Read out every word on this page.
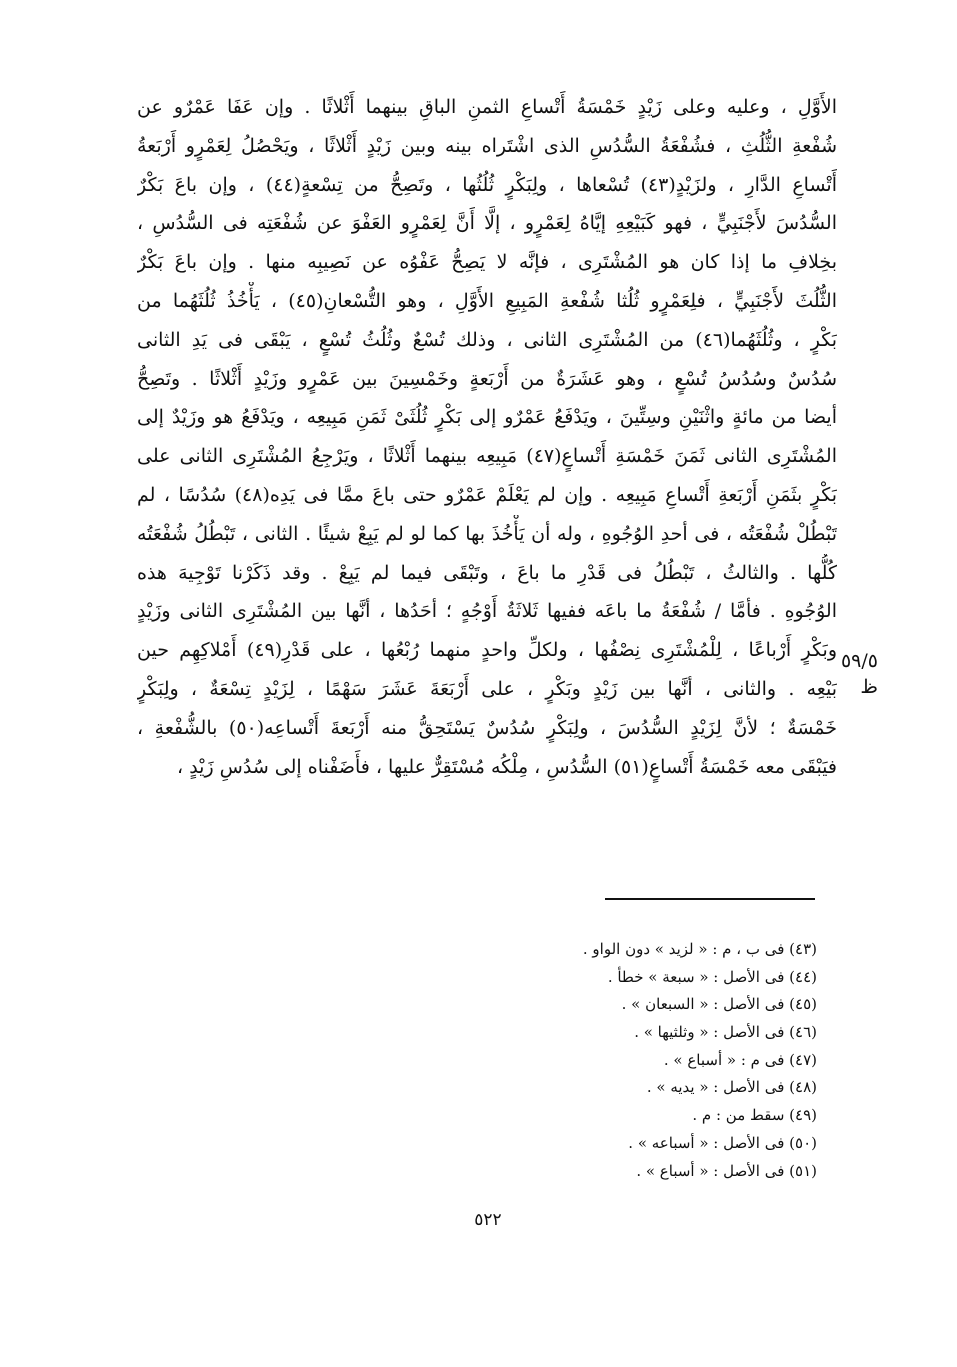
الأَوَّلِ ، وعليه وعلى زَيْدٍ خَمْسَةُ أَتْساعِ الثمنِ الباقِ بينهما أَثْلاثًا . وإن عَفَا عَمْرٌو عن
شُفْعةِ الثُّلُثِ ، فشُفْعَةُ السُّدُسِ الذى اشْتَراه بينه وبين زَيْدٍ أَثْلاثًا ، ويَحْصُلُ لِعَمْرٍو أَرْبَعةُ
أَتْساعِ الدَّارِ ، ولزَيْدٍ(٤٣) تُسْعاها ، ولِبَكْرٍ ثُلُثُها ، وتَصِحُّ من تِسْعةٍ(٤٤) ، وإن باعَ بَكْرٌ
السُّدُسَ لأَجْنَبِيٍّ ، فهو كَبَيْعِهِ إيَّاهُ لِعَمْرٍو ، إلَّا أَنَّ لِعَمْرٍو العَفْوَ عن شُفْعَتِه فى السُّدُسِ ،
بخِلافِ ما إذا كان هو المُشْتَرِى ، فإنَّه لا يَصِحُّ عَفْوُه عن نَصِيبِه منها . وإن باعَ بَكْرٌ
الثُّلُثَ لأَجْنَبِيٍّ ، فلِعَمْرٍو ثُلُثا شُفْعةِ المَبِيعِ الأَوَّلِ ، وهو التُّسْعانِ(٤٥) ، يَأْخُذُ ثُلُثَهُما من
بَكْرٍ ، وثُلُثَهُما(٤٦) من المُشْتَرِى الثانى ، وذلك تُسْعٌ وثُلُثُ تُسْعٍ ، يَبْقَى فى يَدِ الثانى
سُدُسٌ وسُدُسُ تُسْعٍ ، وهو عَشَرَةٌ من أَرْبَعةٍ وخَمْسِينَ بين عَمْرٍو وزَيْدٍ أَثْلاثًا . وتَصِحُّ
أيضا من مائةٍ واثْنَيْنِ وسِتِّينَ ، ويَدْفَعُ عَمْرٌو إلى بَكْرٍ ثُلُثَىْ ثَمَنِ مَبِيعِه ، ويَدْفَعُ هو وزَيْدٌ إلى
المُشْتَرِى الثانى ثَمَنَ خَمْسَةِ أَتْساعٍ(٤٧) مَبِيعِه بينهما أَثْلاثًا ، ويَرْجِعُ المُشْتَرِى الثانى على
بَكْرٍ بثَمَنِ أَرْبَعةِ أَتْساعِ مَبِيعِه . وإن لم يَعْلَمْ عَمْرٌو حتى باعَ ممَّا فى يَدِه(٤٨) سُدُسًا ، لم
تَبْطُلْ شُفْعَتُه ، فى أحدِ الوُجُوهِ ، وله أن يَأْخُذَ بها كما لو لم يَبِعْ شيئًا . الثانى ، تَبْطُلُ شُفْعَتُه
كُلُّها . والثالثُ ، تَبْطُلُ فى قَدْرِ ما باعَ ، وتَبْقَى فيما لم يَبِعْ . وقد ذَكَرْنا تَوْجِيهَ هذه
الوُجُوهِ . فأمَّا / شُفْعَةُ ما باعَه ففيها ثَلاثَةُ أَوْجُهٍ ؛ أحَدُها ، أنَّها بين المُشْتَرِى الثانى وزَيْدٍ
وبَكْرٍ أَرْباعًا ، لِلْمُشْتَرِى نِصْفُها ، ولكلِّ واحدٍ منهما رُبْعُها ، على قَدْرِ(٤٩) أَمْلاكِهِم حين
بَيْعِه . والثانى ، أنَّها بين زَيْدٍ وبَكْرٍ ، على أَرْبَعَةَ عَشَرَ سَهْمًا ، لِزَيْدٍ تِسْعَةٌ ، ولِبَكْرٍ
خَمْسَةٌ ؛ لأنَّ لِزَيْدٍ السُّدُسَ ، ولِبَكْرٍ سُدُسٌ يَسْتَحِقُّ منه أَرْبَعةَ أَتْساعِه(٥٠) بالشُّفْعةِ ،
فيَبْقَى معه خَمْسَةُ أَتْساعٍ(٥١) السُّدُسِ ، مِلْكُه مُسْتَقِرٌّ عليها ، فأَضَفْناه إلى سُدُسِ زَيْدٍ ،
٥٩/٥ ظ
(٤٣) فى ب ، م : « لزيد » دون الواو .
(٤٤) فى الأصل : « سبعة » خطأ .
(٤٥) فى الأصل : « السبعان » .
(٤٦) فى الأصل : « وثلثيها » .
(٤٧) فى م : « أسباع » .
(٤٨) فى الأصل : « يديه » .
(٤٩) سقط من : م .
(٥٠) فى الأصل : « أسباعه » .
(٥١) فى الأصل : « أسباع » .
٥٢٢
